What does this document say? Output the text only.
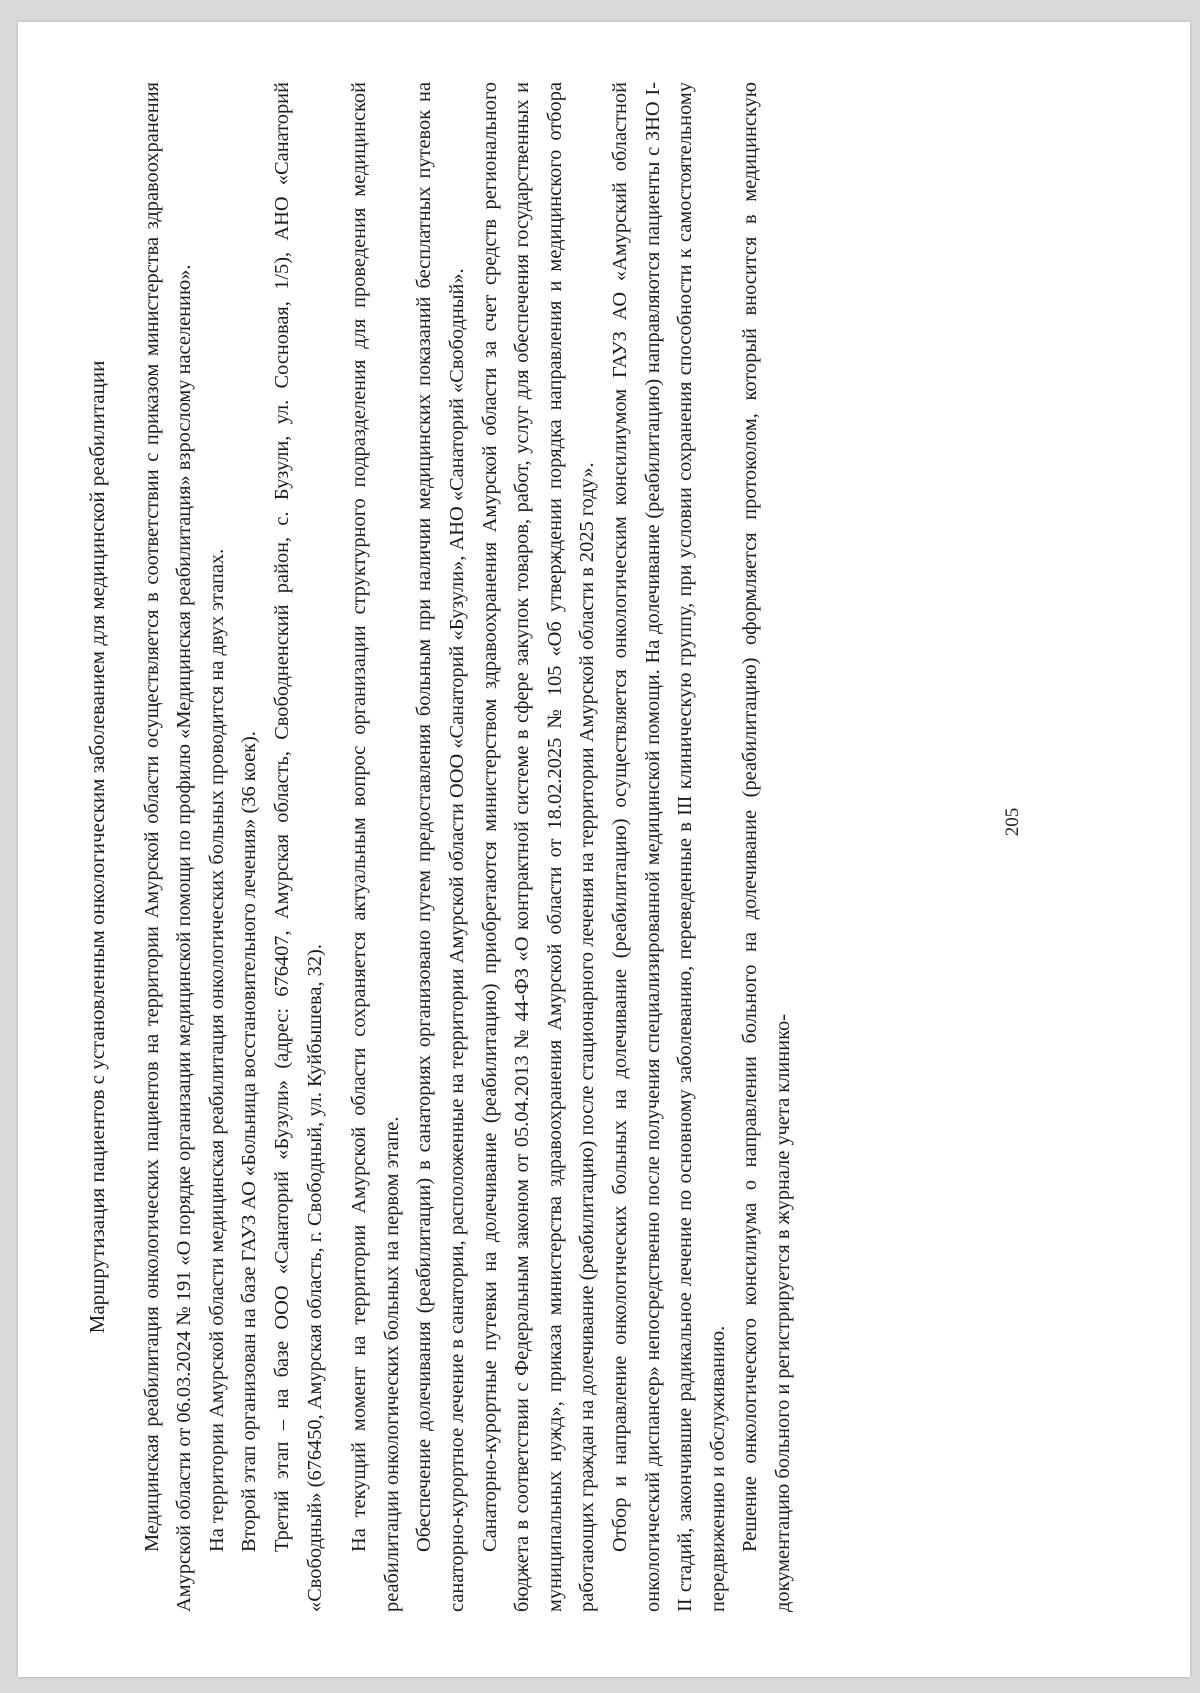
205
Маршрутизация пациентов с установленным онкологическим заболеванием для медицинской реабилитации Медицинская реабилитация онкологических пациентов на территории Амурской области осуществляется в соответствии с приказом министерства здравоохранения Амурской области от 06.03.2024 № 191 «О порядке организации медицинской помощи по профилю «Медицинская реабилитация» взрослому населению». На территории Амурской области медицинская реабилитация онкологических больных проводится на двух этапах. Второй этап организован на базе ГАУЗ АО «Больница восстановительного лечения» (36 коек). Третий этап – на базе ООО «Санаторий «Бузули» (адрес: 676407, Амурская область, Свободненский район, с. Бузули, ул. Сосновая, 1/5), АНО «Санаторий «Свободный» (676450, Амурская область, г. Свободный, ул. Куйбышева, 32). На текущий момент на территории Амурской области сохраняется актуальным вопрос организации структурного подразделения для проведения медицинской реабилитации онкологических больных на первом этапе. Обеспечение долечивания (реабилитации) в санаториях организовано путем предоставления больным при наличии медицинских показаний бесплатных путевок на санаторно-курортное лечение в санатории, расположенные на территории Амурской области ООО «Санаторий «Бузули», АНО «Санаторий «Свободный». Санаторно-курортные путевки на долечивание (реабилитацию) приобретаются министерством здравоохранения Амурской области за счет средств регионального бюджета в соответствии с Федеральным законом от 05.04.2013 № 44-ФЗ «О контрактной системе в сфере закупок товаров, работ, услуг для обеспечения государственных и муниципальных нужд», приказа министерства здравоохранения Амурской области от 18.02.2025 № 105 «Об утверждении порядка направления и медицинского отбора работающих граждан на долечивание (реабилитацию) после стационарного лечения на территории Амурской области в 2025 году». Отбор и направление онкологических больных на долечивание (реабилитацию) осуществляется онкологическим консилиумом ГАУЗ АО «Амурский областной онкологический диспансер» непосредственно после получения специализированной медицинской помощи. На долечивание (реабилитацию) направляются пациенты с ЗНО I-II стадий, закончившие радикальное лечение по основному заболеванию, переведенные в III клиническую группу, при условии сохранения способности к самостоятельному передвижению и обслуживанию. Решение онкологического консилиума о направлении больного на долечивание (реабилитацию) оформляется протоколом, который вносится в медицинскую документацию больного и регистрируется в журнале учета клинико-
